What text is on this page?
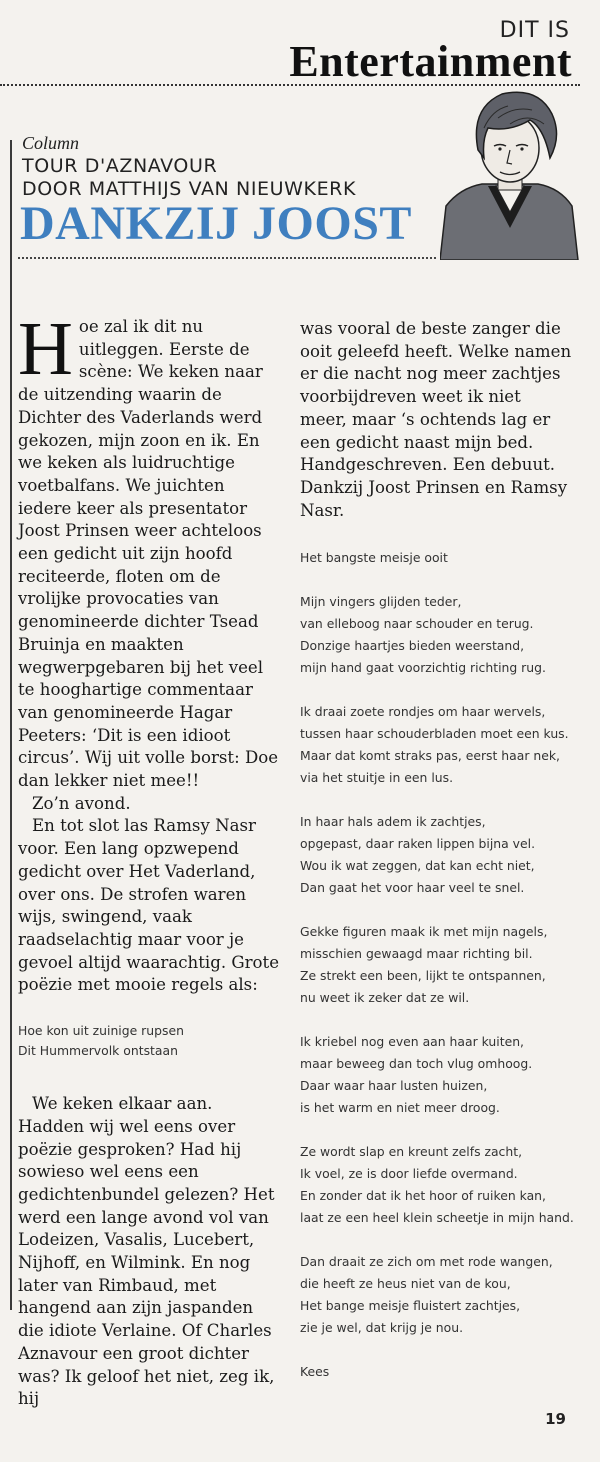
DIT IS
Entertainment
Column
TOUR D'AZNAVOUR
DOOR MATTHIJS VAN NIEUWKERK
DANKZIJ JOOST

Hoe zal ik dit nu uitleggen. Eerste de scène: We keken naar de uitzending waarin de Dichter des Vaderlands werd gekozen, mijn zoon en ik. En we keken als luidruchtige voetbalfans. We juichten iedere keer als presentator Joost Prinsen weer achteloos een gedicht uit zijn hoofd reciteerde, floten om de vrolijke provocaties van genomineerde dichter Tsead Bruinja en maakten wegwerpgebaren bij het veel te hooghartige commentaar van genomineerde Hagar Peeters: ‘Dit is een idioot circus’. Wij uit volle borst: Doe dan lekker niet mee!!

Zo’n avond.

En tot slot las Ramsy Nasr voor. Een lang opzwepend gedicht over Het Vaderland, over ons. De strofen waren wijs, swingend, vaak raadselachtig maar voor je gevoel altijd waarachtig. Grote poëzie met mooie regels als:

Hoe kon uit zuinige rupsen
Dit Hummervolk ontstaan

We keken elkaar aan. Hadden wij wel eens over poëzie gesproken? Had hij sowieso wel eens een gedichtenbundel gelezen? Het werd een lange avond vol van Lodeizen, Vasalis, Lucebert, Nijhoff, en Wilmink. En nog later van Rimbaud, met hangend aan zijn jaspanden die idiote Verlaine. Of Charles Aznavour een groot dichter was? Ik geloof het niet, zeg ik, hij

was vooral de beste zanger die ooit geleefd heeft. Welke namen er die nacht nog meer zachtjes voorbijdreven weet ik niet meer, maar ‘s ochtends lag er een gedicht naast mijn bed. Handgeschreven. Een debuut. Dankzij Joost Prinsen en Ramsy Nasr.

Het bangste meisje ooit
Mijn vingers glijden teder,
van elleboog naar schouder en terug.
Donzige haartjes bieden weerstand,
mijn hand gaat voorzichtig richting rug.
Ik draai zoete rondjes om haar wervels,
tussen haar schouderbladen moet een kus.
Maar dat komt straks pas, eerst haar nek,
via het stuitje in een lus.
In haar hals adem ik zachtjes,
opgepast, daar raken lippen bijna vel.
Wou ik wat zeggen, dat kan echt niet,
Dan gaat het voor haar veel te snel.
Gekke figuren maak ik met mijn nagels,
misschien gewaagd maar richting bil.
Ze strekt een been, lijkt te ontspannen,
nu weet ik zeker dat ze wil.
Ik kriebel nog even aan haar kuiten,
maar beweeg dan toch vlug omhoog.
Daar waar haar lusten huizen,
is het warm en niet meer droog.
Ze wordt slap en kreunt zelfs zacht,
Ik voel, ze is door liefde overmand.
En zonder dat ik het hoor of ruiken kan,
laat ze een heel klein scheetje in mijn hand.
Dan draait ze zich om met rode wangen,
die heeft ze heus niet van de kou,
Het bange meisje fluistert zachtjes,
zie je wel, dat krijg je nou.
Kees
19
